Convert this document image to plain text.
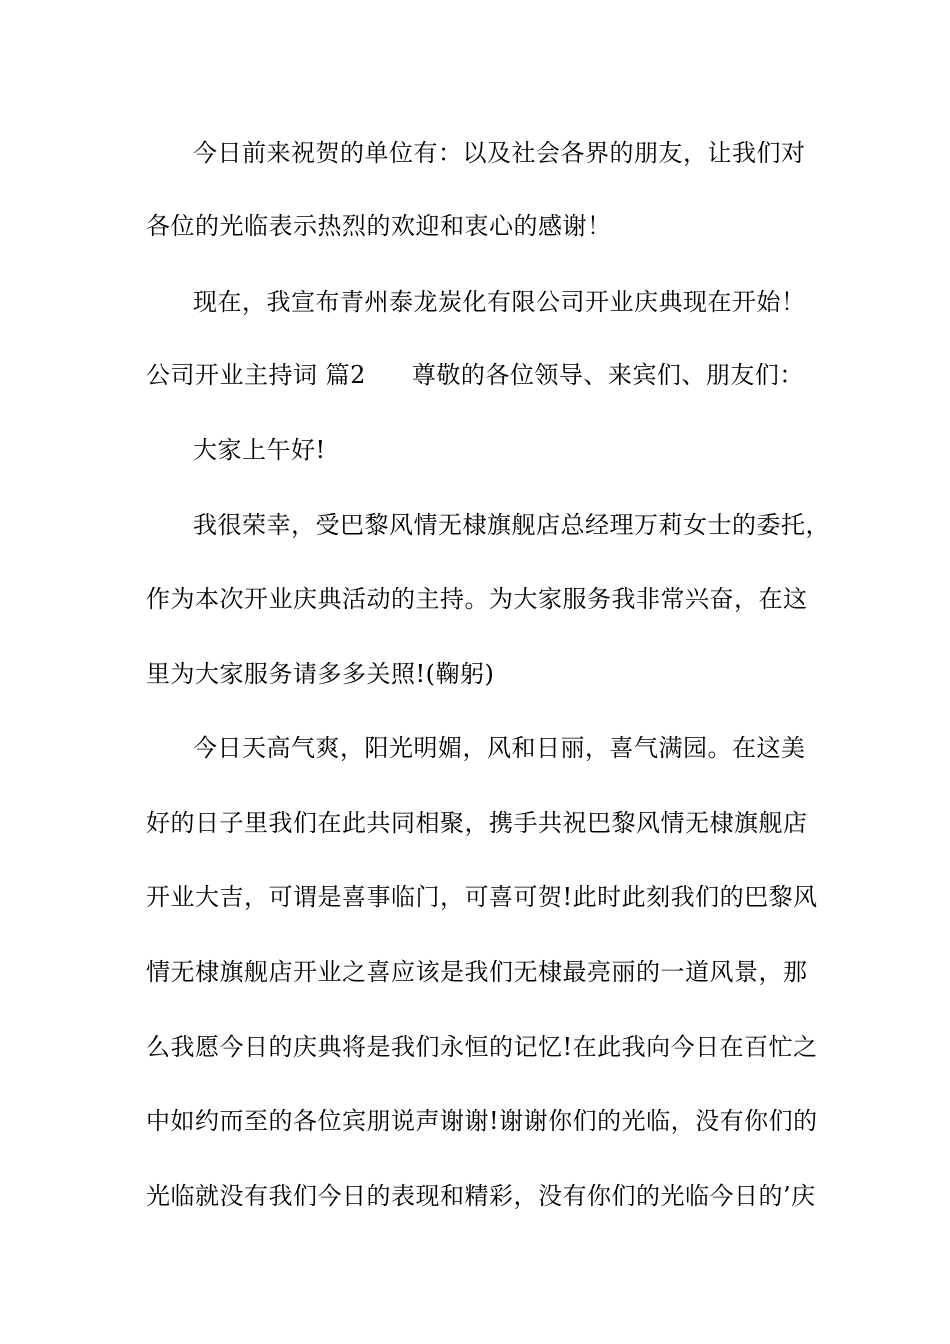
今日前来祝贺的单位有：以及社会各界的朋友，让我们对
各位的光临表示热烈的欢迎和衷心的感谢！
现在，我宣布青州泰龙炭化有限公司开业庆典现在开始！
公司开业主持词 篇2 尊敬的各位领导、来宾们、朋友们：
大家上午好!
我很荣幸，受巴黎风情无棣旗舰店总经理万莉女士的委托，
作为本次开业庆典活动的主持。为大家服务我非常兴奋，在这
里为大家服务请多多关照!(鞠躬)
今日天高气爽，阳光明媚，风和日丽，喜气满园。在这美
好的日子里我们在此共同相聚，携手共祝巴黎风情无棣旗舰店
开业大吉，可谓是喜事临门，可喜可贺!此时此刻我们的巴黎风
情无棣旗舰店开业之喜应该是我们无棣最亮丽的一道风景，那
么我愿今日的庆典将是我们永恒的记忆!在此我向今日在百忙之
中如约而至的各位宾朋说声谢谢!谢谢你们的光临，没有你们的
光临就没有我们今日的表现和精彩，没有你们的光临今日的’庆
